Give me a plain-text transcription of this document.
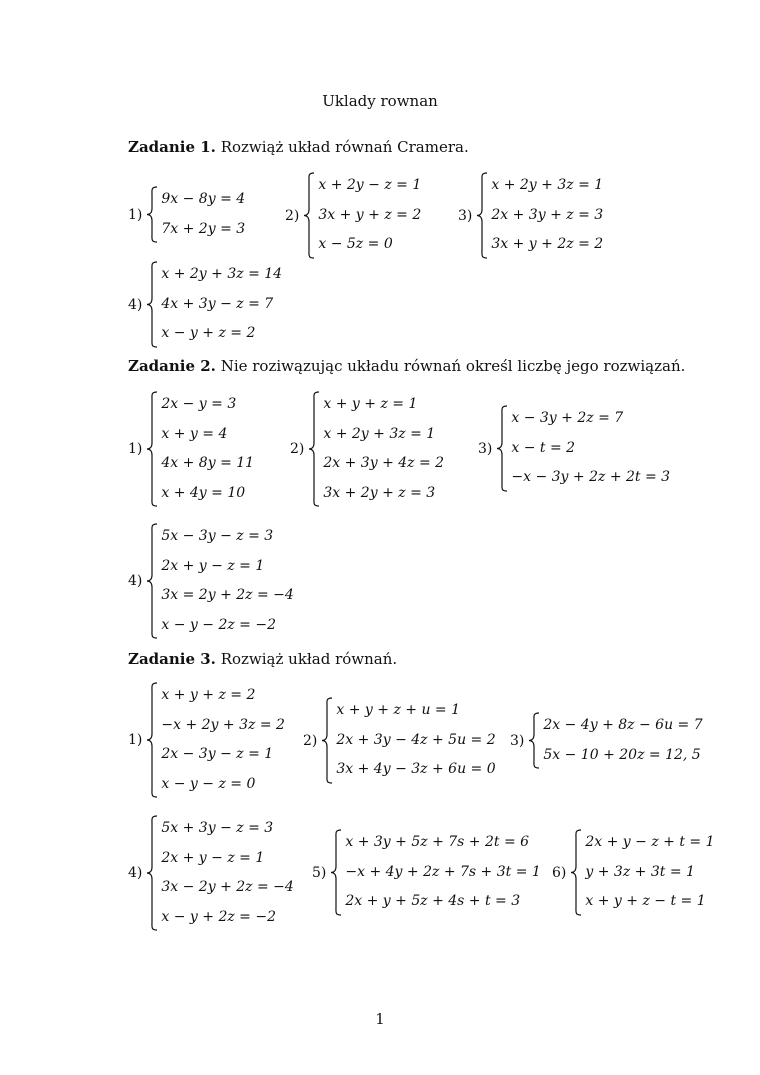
Uklady rownan
Zadanie 1. Rozwiąż układ równań Cramera.
1)
9x − 8y = 4
7x + 2y = 3
2)
x + 2y − z = 1
3x + y + z = 2
x − 5z = 0
3)
x + 2y + 3z = 1
2x + 3y + z = 3
3x + y + 2z = 2
4)
x + 2y + 3z = 14
4x + 3y − z = 7
x − y + z = 2
Zadanie 2. Nie roziwązując układu równań określ liczbę jego rozwiązań.
1)
2x − y = 3
x + y = 4
4x + 8y = 11
x + 4y = 10
2)
x + y + z = 1
x + 2y + 3z = 1
2x + 3y + 4z = 2
3x + 2y + z = 3
3)
x − 3y + 2z = 7
x − t = 2
−x − 3y + 2z + 2t = 3
4)
5x − 3y − z = 3
2x + y − z = 1
3x = 2y + 2z = −4
x − y − 2z = −2
Zadanie 3. Rozwiąż układ równań.
1)
x + y + z = 2
−x + 2y + 3z = 2
2x − 3y − z = 1
x − y − z = 0
2)
x + y + z + u = 1
2x + 3y − 4z + 5u = 2
3x + 4y − 3z + 6u = 0
3)
2x − 4y + 8z − 6u = 7
5x − 10 + 20z = 12, 5
4)
5x + 3y − z = 3
2x + y − z = 1
3x − 2y + 2z = −4
x − y + 2z = −2
5)
x + 3y + 5z + 7s + 2t = 6
−x + 4y + 2z + 7s + 3t = 1
2x + y + 5z + 4s + t = 3
6)
2x + y − z + t = 1
y + 3z + 3t = 1
x + y + z − t = 1
1
